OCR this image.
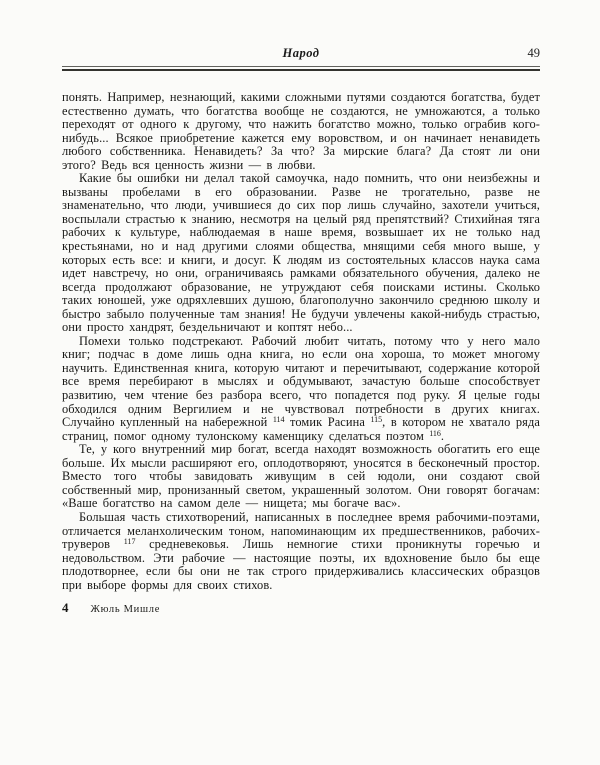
Народ	49

понять. Например, незнающий, какими сложными путями создаются богатства, будет естественно думать, что богатства вообще не создаются, не умножаются, а только переходят от одного к другому, что нажить богатство можно, только ограбив кого-нибудь... Всякое приобретение кажется ему воровством, и он начинает ненавидеть любого собственника. Ненавидеть? За что? За мирские блага? Да стоят ли они этого? Ведь вся ценность жизни — в любви.

Какие бы ошибки ни делал такой самоучка, надо помнить, что они неизбежны и вызваны пробелами в его образовании. Разве не трогательно, разве не знаменательно, что люди, учившиеся до сих пор лишь случайно, захотели учиться, воспылали страстью к знанию, несмотря на целый ряд препятствий? Стихийная тяга рабочих к культуре, наблюдаемая в наше время, возвышает их не только над крестьянами, но и над другими слоями общества, мнящими себя много выше, у которых есть все: и книги, и досуг. К людям из состоятельных классов наука сама идет навстречу, но они, ограничиваясь рамками обязательного обучения, далеко не всегда продолжают образование, не утруждают себя поисками истины. Сколько таких юношей, уже одряхлевших душою, благополучно закончило среднюю школу и быстро забыло полученные там знания! Не будучи увлечены какой-нибудь страстью, они просто хандрят, бездельничают и коптят небо...

Помехи только подстрекают. Рабочий любит читать, потому что у него мало книг; подчас в доме лишь одна книга, но если она хороша, то может многому научить. Единственная книга, которую читают и перечитывают, содержание которой все время перебирают в мыслях и обдумывают, зачастую больше способствует развитию, чем чтение без разбора всего, что попадется под руку. Я целые годы обходился одним Вергилием и не чувствовал потребности в других книгах. Случайно купленный на набережной $^{114}$ томик Расина $^{115}$, в котором не хватало ряда страниц, помог одному тулонскому каменщику сделаться поэтом $^{116}$.

Те, у кого внутренний мир богат, всегда находят возможность обогатить его еще больше. Их мысли расширяют его, оплодотворяют, уносятся в бесконечный простор. Вместо того чтобы завидовать живущим в сей юдоли, они создают свой собственный мир, пронизанный светом, украшенный золотом. Они говорят богачам: «Ваше богатство на самом деле — нищета; мы богаче вас».

Большая часть стихотворений, написанных в последнее время рабочими-поэтами, отличается меланхолическим тоном, напоминающим их предшественников, рабочих-труверов $^{117}$ средневековья. Лишь немногие стихи проникнуты горечью и недовольством. Эти рабочие — настоящие поэты, их вдохновение было бы еще плодотворнее, если бы они не так строго придерживались классических образцов при выборе формы для своих стихов.

4 Жюль Мишле
